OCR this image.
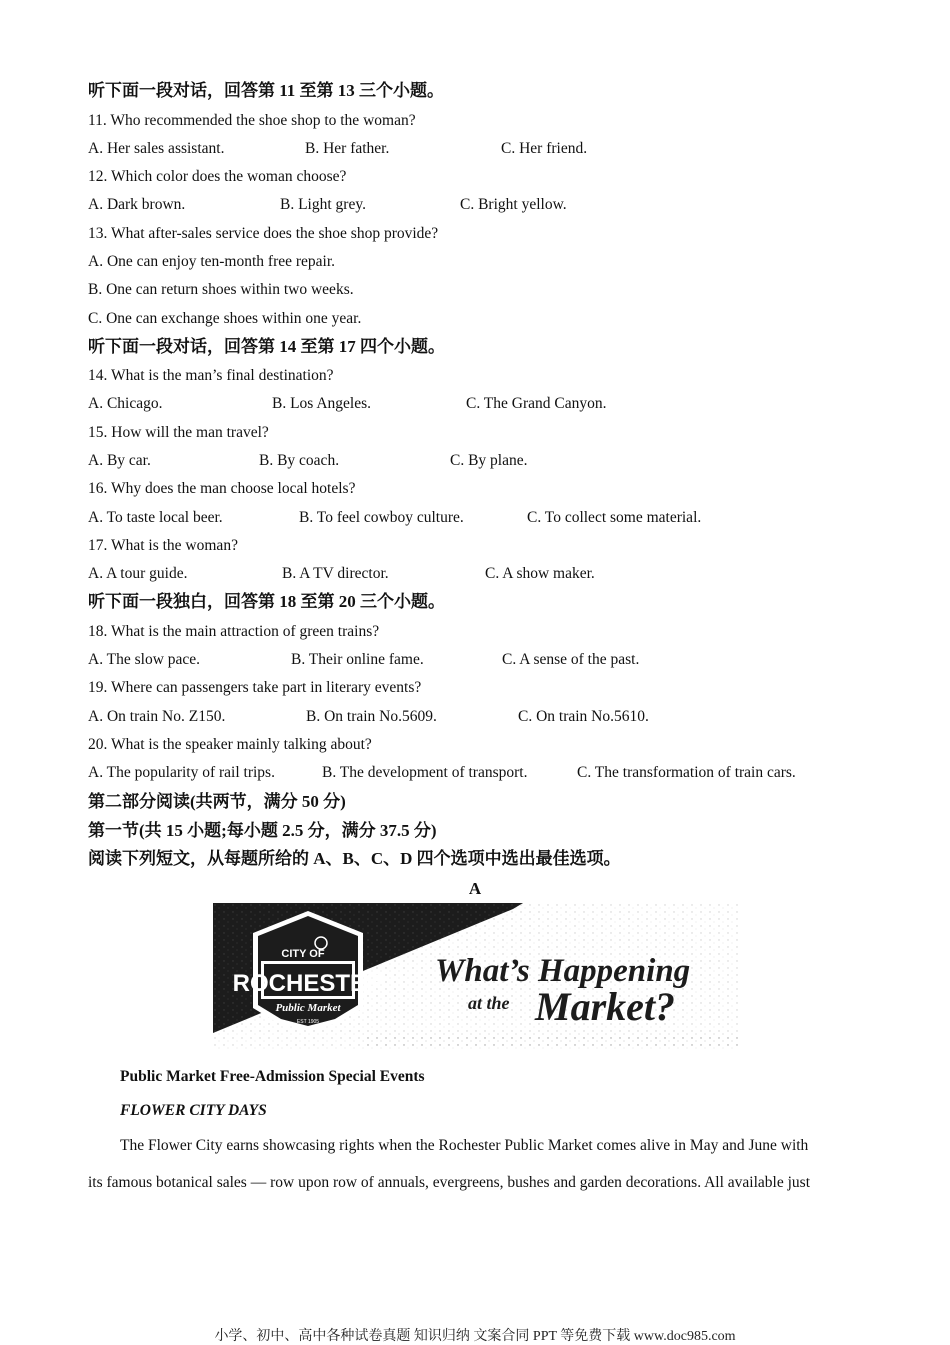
听下面一段对话，回答第 11 至第 13 三个小题。
11. Who recommended the shoe shop to the woman?
A. Her sales assistant.	B. Her father.	C. Her friend.
12. Which color does the woman choose?
A. Dark brown.	B. Light grey.	C. Bright yellow.
13. What after-sales service does the shoe shop provide?
A. One can enjoy ten-month free repair.
B. One can return shoes within two weeks.
C. One can exchange shoes within one year.
听下面一段对话，回答第 14 至第 17 四个小题。
14. What is the man’s final destination?
A. Chicago.	B. Los Angeles.	C. The Grand Canyon.
15. How will the man travel?
A. By car.	B. By coach.	C. By plane.
16. Why does the man choose local hotels?
A. To taste local beer.	B. To feel cowboy culture.	C. To collect some material.
17. What is the woman?
A. A tour guide.	B. A TV director.	C. A show maker.
听下面一段独白，回答第 18 至第 20 三个小题。
18. What is the main attraction of green trains?
A. The slow pace.	B. Their online fame.	C. A sense of the past.
19. Where can passengers take part in literary events?
A. On train No. Z150.	B. On train No.5609.	C. On train No.5610.
20. What is the speaker mainly talking about?
A. The popularity of rail trips.	B. The development of transport.	C. The transformation of train cars.
第二部分阅读(共两节，满分 50 分)
第一节(共 15 小题;每小题 2.5 分，满分 37.5 分)
阅读下列短文，从每题所给的 A、B、C、D 四个选项中选出最佳选项。
A
CITY OF
ROCHESTER
Public Market
EST 1905
What’s Happening
at the Market?
Public Market Free-Admission Special Events
FLOWER CITY DAYS
The Flower City earns showcasing rights when the Rochester Public Market comes alive in May and June with
its famous botanical sales — row upon row of annuals, evergreens, bushes and garden decorations. All available just
小学、初中、高中各种试卷真题 知识归纳 文案合同 PPT 等免费下载 www.doc985.com
